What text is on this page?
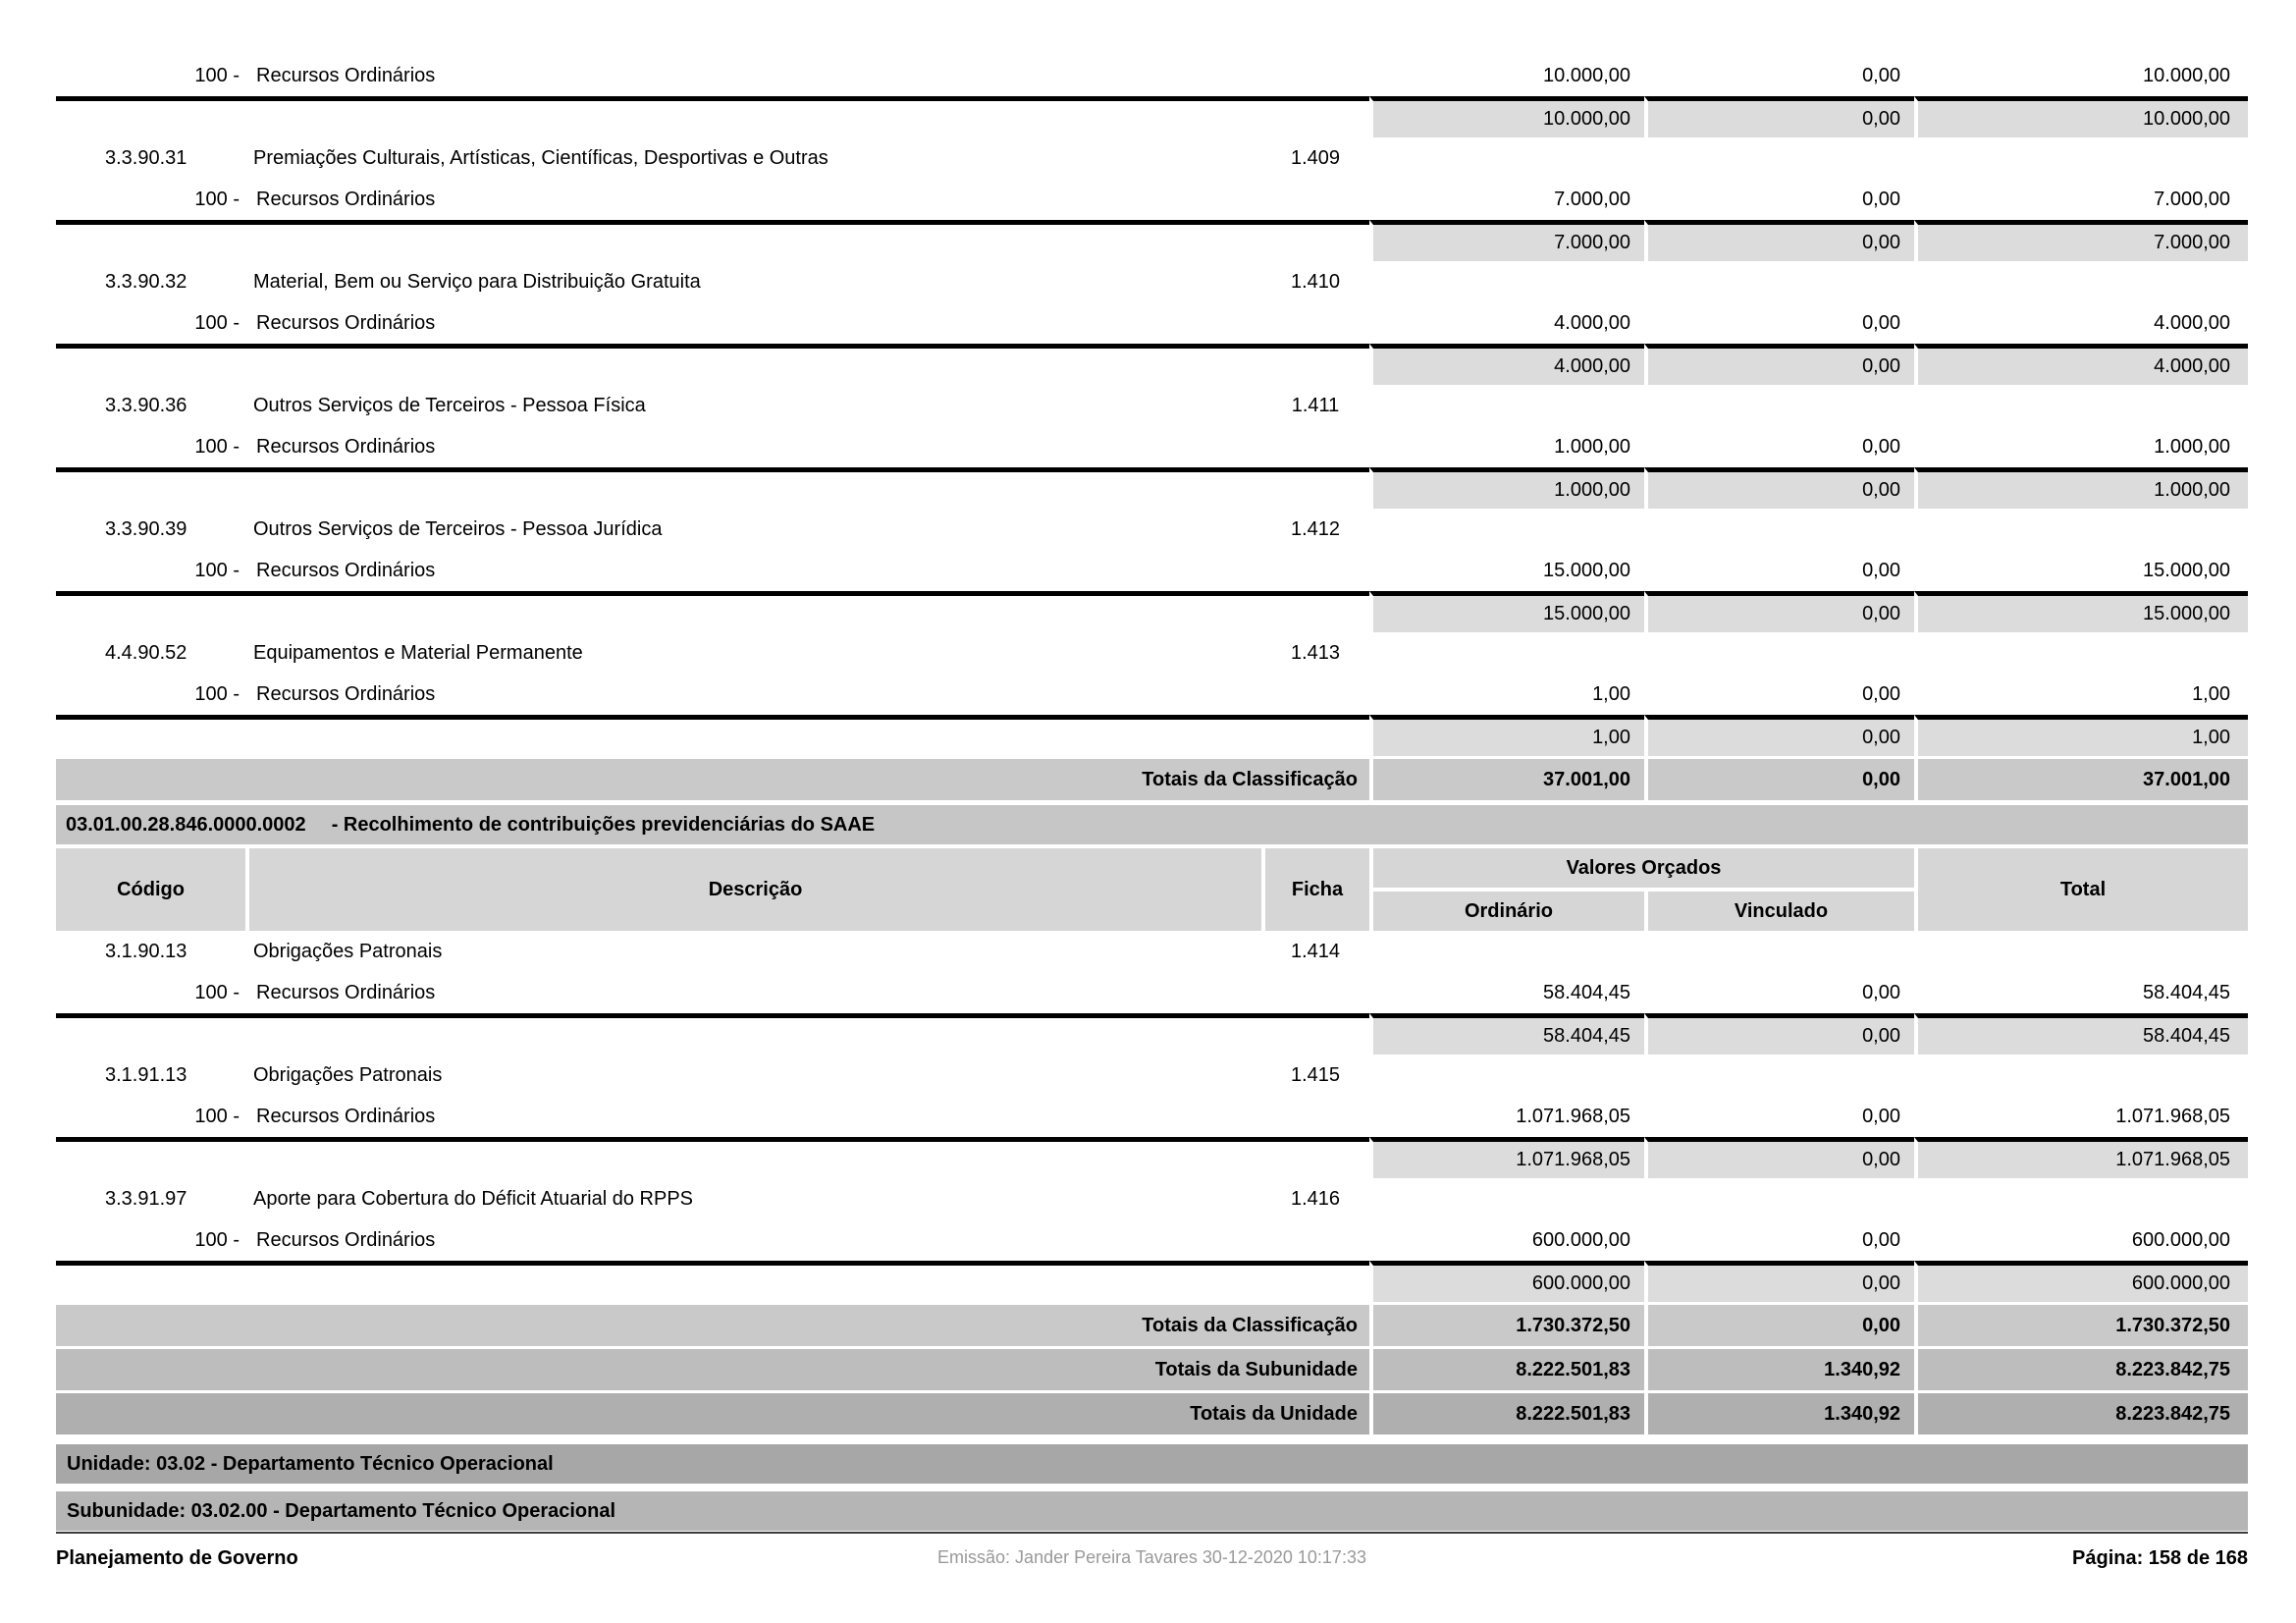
100 - Recursos Ordinários	10.000,00	0,00	10.000,00
10.000,00	0,00	10.000,00
3.3.90.31	Premiações Culturais, Artísticas, Científicas, Desportivas e Outras	1.409
100 - Recursos Ordinários	7.000,00	0,00	7.000,00
7.000,00	0,00	7.000,00
3.3.90.32	Material, Bem ou Serviço para Distribuição Gratuita	1.410
100 - Recursos Ordinários	4.000,00	0,00	4.000,00
4.000,00	0,00	4.000,00
3.3.90.36	Outros Serviços de Terceiros - Pessoa Física	1.411
100 - Recursos Ordinários	1.000,00	0,00	1.000,00
1.000,00	0,00	1.000,00
3.3.90.39	Outros Serviços de Terceiros - Pessoa Jurídica	1.412
100 - Recursos Ordinários	15.000,00	0,00	15.000,00
15.000,00	0,00	15.000,00
4.4.90.52	Equipamentos e Material Permanente	1.413
100 - Recursos Ordinários	1,00	0,00	1,00
1,00	0,00	1,00
Totais da Classificação	37.001,00	0,00	37.001,00
03.01.00.28.846.0000.0002 - Recolhimento de contribuições previdenciárias do SAAE
Código	Descrição	Ficha
Valores Orçados
Ordinário	Vinculado
Total
3.1.90.13	Obrigações Patronais	1.414
100 - Recursos Ordinários	58.404,45	0,00	58.404,45
58.404,45	0,00	58.404,45
3.1.91.13	Obrigações Patronais	1.415
100 - Recursos Ordinários	1.071.968,05	0,00	1.071.968,05
1.071.968,05	0,00	1.071.968,05
3.3.91.97	Aporte para Cobertura do Déficit Atuarial do RPPS	1.416
100 - Recursos Ordinários	600.000,00	0,00	600.000,00
600.000,00	0,00	600.000,00
Totais da Classificação	1.730.372,50	0,00	1.730.372,50
Totais da Subunidade	8.222.501,83	1.340,92	8.223.842,75
Totais da Unidade	8.222.501,83	1.340,92	8.223.842,75
Unidade: 03.02 - Departamento Técnico Operacional
Subunidade: 03.02.00 - Departamento Técnico Operacional
Planejamento de Governo	Emissão: Jander Pereira Tavares 30-12-2020 10:17:33	Página: 158 de 168
